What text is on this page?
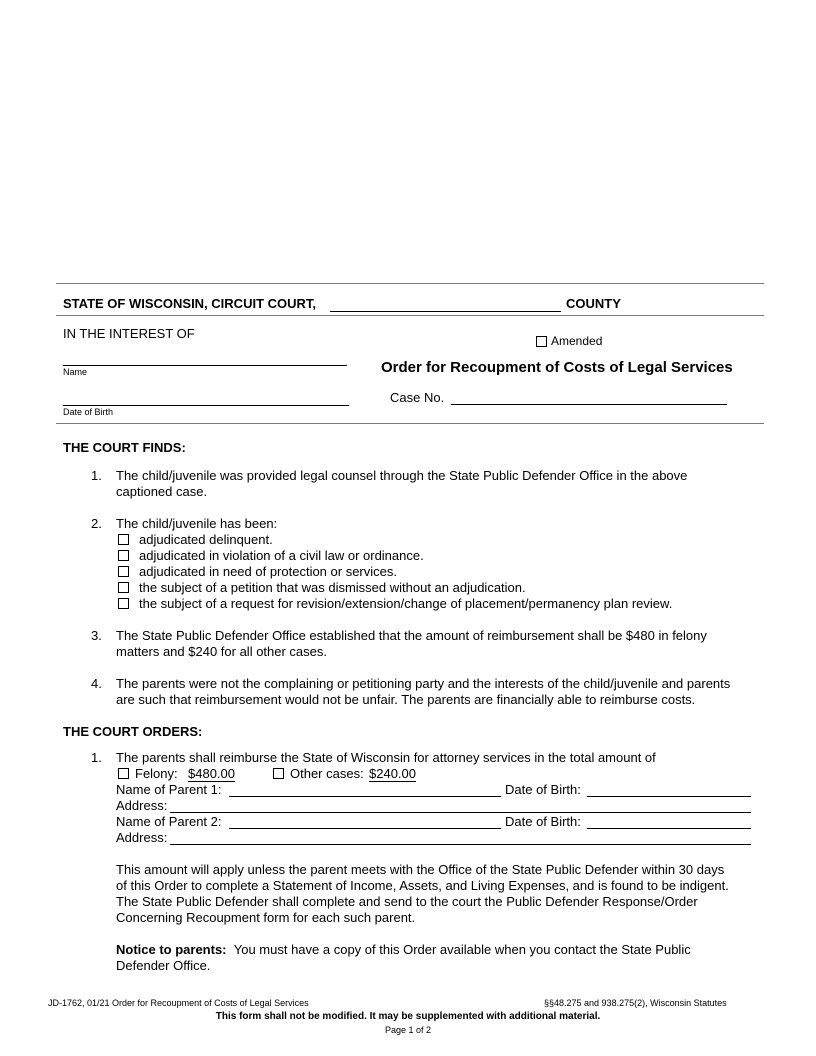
STATE OF WISCONSIN, CIRCUIT COURT,	COUNTY
IN THE INTEREST OF	Amended
Name	Order for Recoupment of Costs of Legal Services
Case No.
Date of Birth
THE COURT FINDS:
1. The child/juvenile was provided legal counsel through the State Public Defender Office in the above
captioned case.
2. The child/juvenile has been:
adjudicated delinquent.
adjudicated in violation of a civil law or ordinance.
adjudicated in need of protection or services.
the subject of a petition that was dismissed without an adjudication.
the subject of a request for revision/extension/change of placement/permanency plan review.
3. The State Public Defender Office established that the amount of reimbursement shall be $480 in felony
matters and $240 for all other cases.
4. The parents were not the complaining or petitioning party and the interests of the child/juvenile and parents
are such that reimbursement would not be unfair. The parents are financially able to reimburse costs.
THE COURT ORDERS:
1. The parents shall reimburse the State of Wisconsin for attorney services in the total amount of
Felony: $480.00	Other cases: $240.00
Name of Parent 1:	Date of Birth:
Address:
Name of Parent 2:	Date of Birth:
Address:
This amount will apply unless the parent meets with the Office of the State Public Defender within 30 days
of this Order to complete a Statement of Income, Assets, and Living Expenses, and is found to be indigent.
The State Public Defender shall complete and send to the court the Public Defender Response/Order
Concerning Recoupment form for each such parent.
Notice to parents: You must have a copy of this Order available when you contact the State Public
Defender Office.
JD-1762, 01/21 Order for Recoupment of Costs of Legal Services	§§48.275 and 938.275(2), Wisconsin Statutes
This form shall not be modified. It may be supplemented with additional material.
Page 1 of 2
